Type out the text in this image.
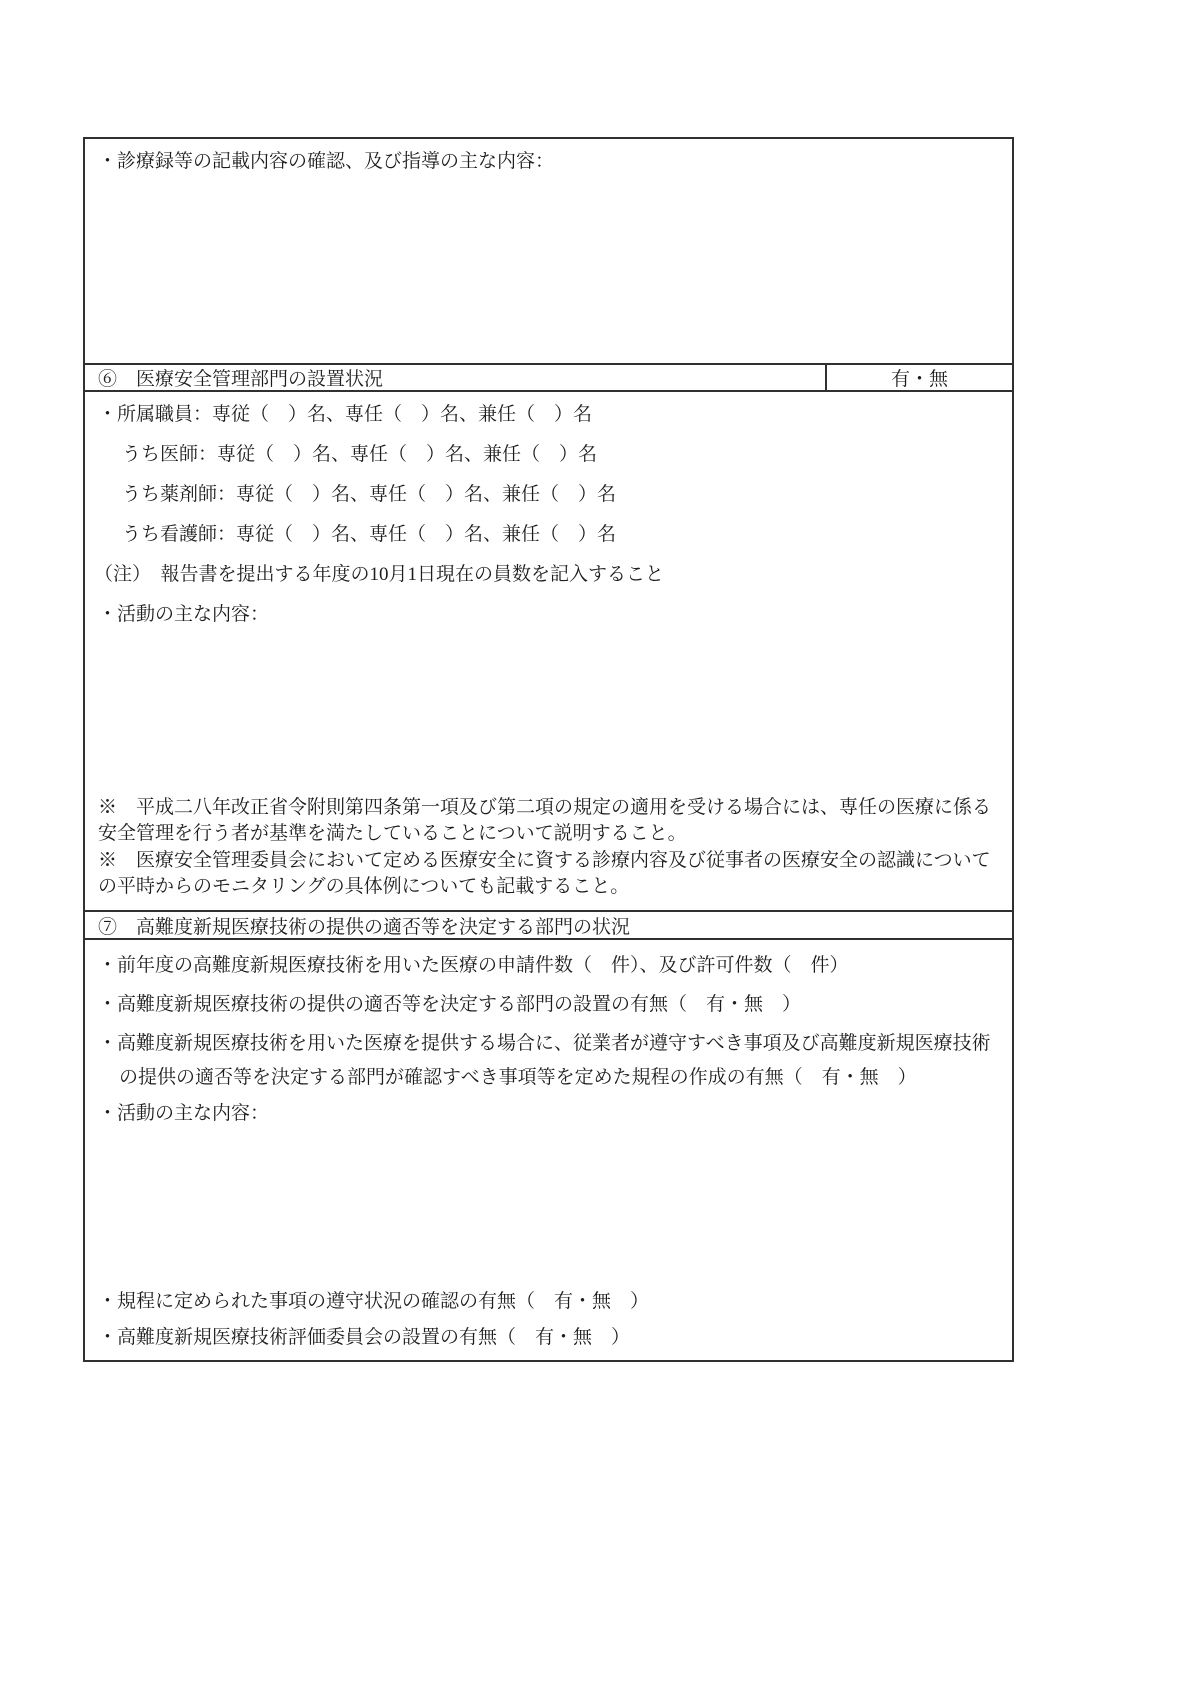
・診療録等の記載内容の確認、及び指導の主な内容：
⑥　医療安全管理部門の設置状況	有・無
・所属職員：専従（　）名、専任（　）名、兼任（　）名
うち医師：専従（　）名、専任（　）名、兼任（　）名
うち薬剤師：専従（　）名、専任（　）名、兼任（　）名
うち看護師：専従（　）名、専任（　）名、兼任（　）名
（注）　報告書を提出する年度の10月1日現在の員数を記入すること
・活動の主な内容：
※　平成二八年改正省令附則第四条第一項及び第二項の規定の適用を受ける場合には、専任の医療に係る安全管理を行う者が基準を満たしていることについて説明すること。
※　医療安全管理委員会において定める医療安全に資する診療内容及び従事者の医療安全の認識についての平時からのモニタリングの具体例についても記載すること。
⑦　高難度新規医療技術の提供の適否等を決定する部門の状況
・前年度の高難度新規医療技術を用いた医療の申請件数（　件）、及び許可件数（　件）
・高難度新規医療技術の提供の適否等を決定する部門の設置の有無（　有・無　）
・高難度新規医療技術を用いた医療を提供する場合に、従業者が遵守すべき事項及び高難度新規医療技術の提供の適否等を決定する部門が確認すべき事項等を定めた規程の作成の有無（　有・無　）
・活動の主な内容：
・規程に定められた事項の遵守状況の確認の有無（　有・無　）
・高難度新規医療技術評価委員会の設置の有無（　有・無　）
